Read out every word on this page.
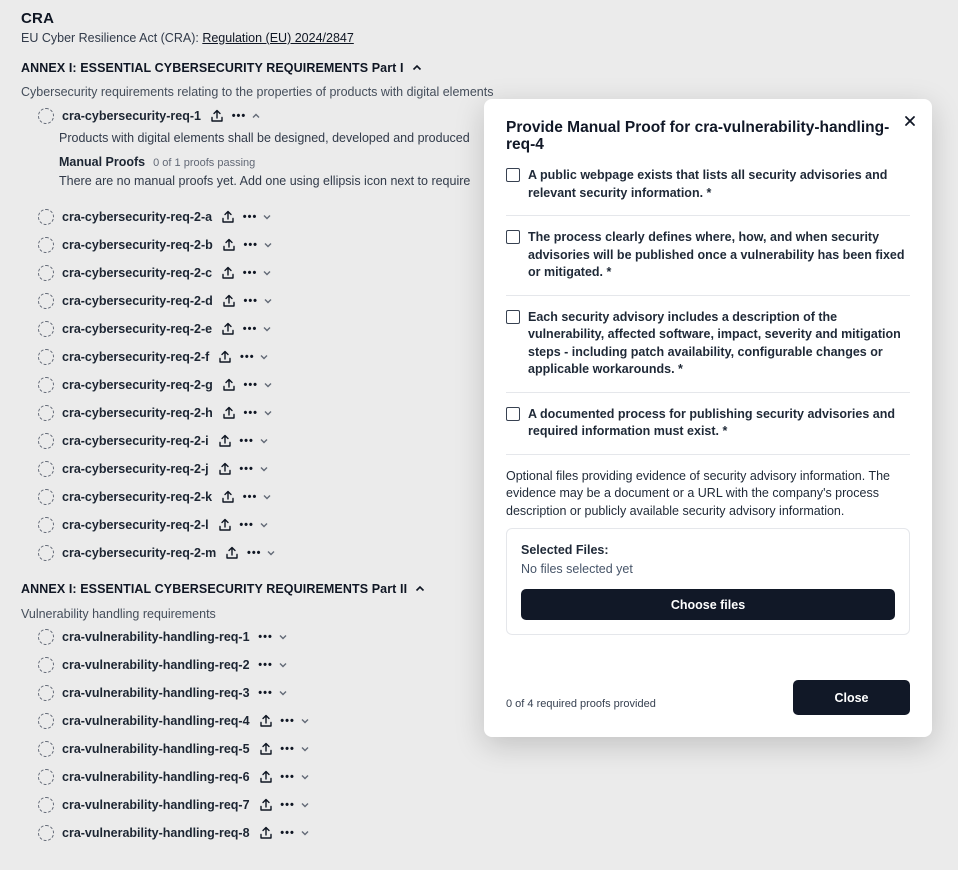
CRA
EU Cyber Resilience Act (CRA): Regulation (EU) 2024/2847
ANNEX I: ESSENTIAL CYBERSECURITY REQUIREMENTS Part I
Cybersecurity requirements relating to the properties of products with digital elements
cra-cybersecurity-req-1	•••
Products with digital elements shall be designed, developed and produced
Manual Proofs 0 of 1 proofs passing
There are no manual proofs yet. Add one using ellipsis icon next to require
cra-cybersecurity-req-2-a	•••
cra-cybersecurity-req-2-b	•••
cra-cybersecurity-req-2-c	•••
cra-cybersecurity-req-2-d	•••
cra-cybersecurity-req-2-e	•••
cra-cybersecurity-req-2-f	•••
cra-cybersecurity-req-2-g	•••
cra-cybersecurity-req-2-h	•••
cra-cybersecurity-req-2-i	•••
cra-cybersecurity-req-2-j	•••
cra-cybersecurity-req-2-k	•••
cra-cybersecurity-req-2-l	•••
cra-cybersecurity-req-2-m	•••
ANNEX I: ESSENTIAL CYBERSECURITY REQUIREMENTS Part II
Vulnerability handling requirements
cra-vulnerability-handling-req-1 •••
cra-vulnerability-handling-req-2 •••
cra-vulnerability-handling-req-3 •••
cra-vulnerability-handling-req-4	•••
cra-vulnerability-handling-req-5	•••
cra-vulnerability-handling-req-6	•••
cra-vulnerability-handling-req-7	•••
cra-vulnerability-handling-req-8	•••
Provide Manual Proof for cra-vulnerability-handling-req-4
A public webpage exists that lists all security advisories and relevant security information. *
The process clearly defines where, how, and when security advisories will be published once a vulnerability has been fixed or mitigated. *
Each security advisory includes a description of the vulnerability, affected software, impact, severity and mitigation steps - including patch availability, configurable changes or applicable workarounds. *
A documented process for publishing security advisories and required information must exist. *
Optional files providing evidence of security advisory information. The evidence may be a document or a URL with the company's process description or publicly available security advisory information.
Selected Files:
No files selected yet
Choose files
0 of 4 required proofs provided	Close
